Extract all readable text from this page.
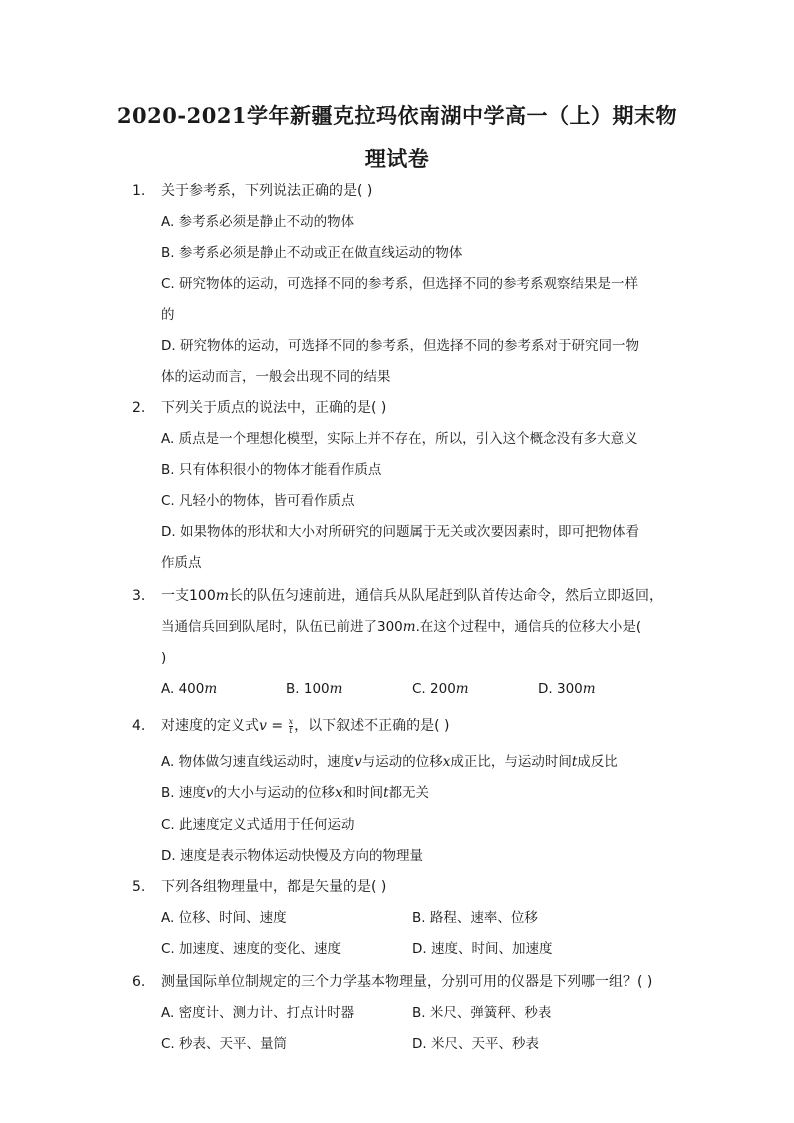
2020-2021学年新疆克拉玛依南湖中学高一（上）期末物
理试卷
1. 关于参考系，下列说法正确的是( )
A. 参考系必须是静止不动的物体
B. 参考系必须是静止不动或正在做直线运动的物体
C. 研究物体的运动，可选择不同的参考系，但选择不同的参考系观察结果是一样
的
D. 研究物体的运动，可选择不同的参考系，但选择不同的参考系对于研究同一物
体的运动而言，一般会出现不同的结果
2. 下列关于质点的说法中，正确的是( )
A. 质点是一个理想化模型，实际上并不存在，所以，引入这个概念没有多大意义
B. 只有体积很小的物体才能看作质点
C. 凡轻小的物体，皆可看作质点
D. 如果物体的形状和大小对所研究的问题属于无关或次要因素时，即可把物体看
作质点
3. 一支100m长的队伍匀速前进，通信兵从队尾赶到队首传达命令，然后立即返回，
当通信兵回到队尾时，队伍已前进了300m.在这个过程中，通信兵的位移大小是(
)
A. 400m	B. 100m	C. 200m	D. 300m
4. 对速度的定义式$v = \frac{x}{t}$ ，以下叙述不正确的是( )
A. 物体做匀速直线运动时，速度v与运动的位移x成正比，与运动时间t成反比
B. 速度v的大小与运动的位移x和时间t都无关
C. 此速度定义式适用于任何运动
D. 速度是表示物体运动快慢及方向的物理量
5. 下列各组物理量中，都是矢量的是( )
A. 位移、时间、速度	B. 路程、速率、位移
C. 加速度、速度的变化、速度	D. 速度、时间、加速度
6. 测量国际单位制规定的三个力学基本物理量，分别可用的仪器是下列哪一组？( )
A. 密度计、测力计、打点计时器	B. 米尺、弹簧秤、秒表
C. 秒表、天平、量筒	D. 米尺、天平、秒表
